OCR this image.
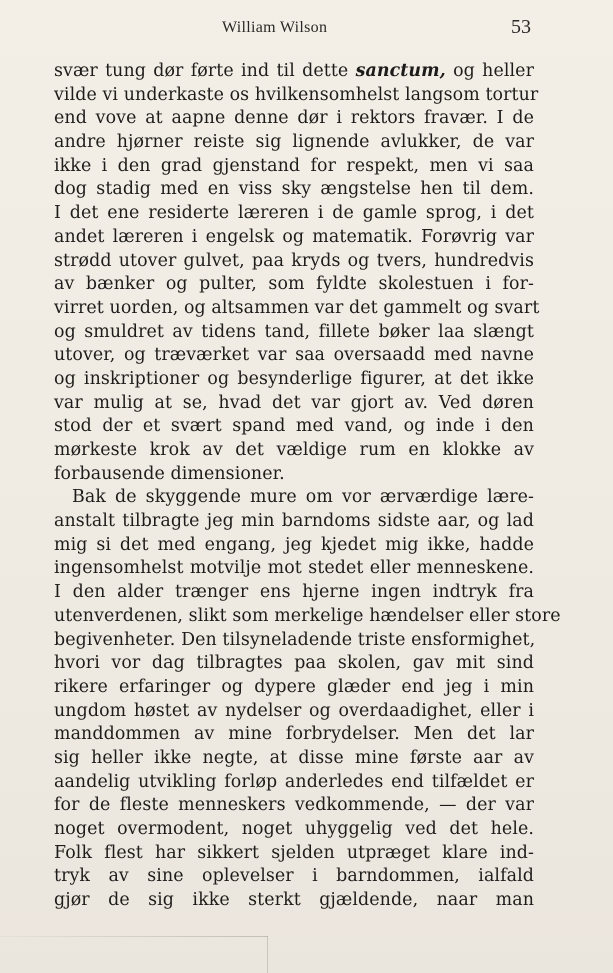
William Wilson	53
svær tung dør førte ind til dette sanctum, og heller
vilde vi underkaste os hvilkensomhelst langsom tortur
end vove at aapne denne dør i rektors fravær. I de
andre hjørner reiste sig lignende avlukker, de var
ikke i den grad gjenstand for respekt, men vi saa
dog stadig med en viss sky ængstelse hen til dem.
I det ene residerte læreren i de gamle sprog, i det
andet læreren i engelsk og matematik. Forøvrig var
strødd utover gulvet, paa kryds og tvers, hundredvis
av bænker og pulter, som fyldte skolestuen i for-
virret uorden, og altsammen var det gammelt og svart
og smuldret av tidens tand, fillete bøker laa slængt
utover, og træværket var saa oversaadd med navne
og inskriptioner og besynderlige figurer, at det ikke
var mulig at se, hvad det var gjort av. Ved døren
stod der et svært spand med vand, og inde i den
mørkeste krok av det vældige rum en klokke av
forbausende dimensioner.
Bak de skyggende mure om vor ærværdige lære-
anstalt tilbragte jeg min barndoms sidste aar, og lad
mig si det med engang, jeg kjedet mig ikke, hadde
ingensomhelst motvilje mot stedet eller menneskene.
I den alder trænger ens hjerne ingen indtryk fra
utenverdenen, slikt som merkelige hændelser eller store
begivenheter. Den tilsyneladende triste ensformighet,
hvori vor dag tilbragtes paa skolen, gav mit sind
rikere erfaringer og dypere glæder end jeg i min
ungdom høstet av nydelser og overdaadighet, eller i
manddommen av mine forbrydelser. Men det lar
sig heller ikke negte, at disse mine første aar av
aandelig utvikling forløp anderledes end tilfældet er
for de fleste menneskers vedkommende, — der var
noget overmodent, noget uhyggelig ved det hele.
Folk flest har sikkert sjelden utpræget klare ind-
tryk av sine oplevelser i barndommen, ialfald
gjør de sig ikke sterkt gjældende, naar man
